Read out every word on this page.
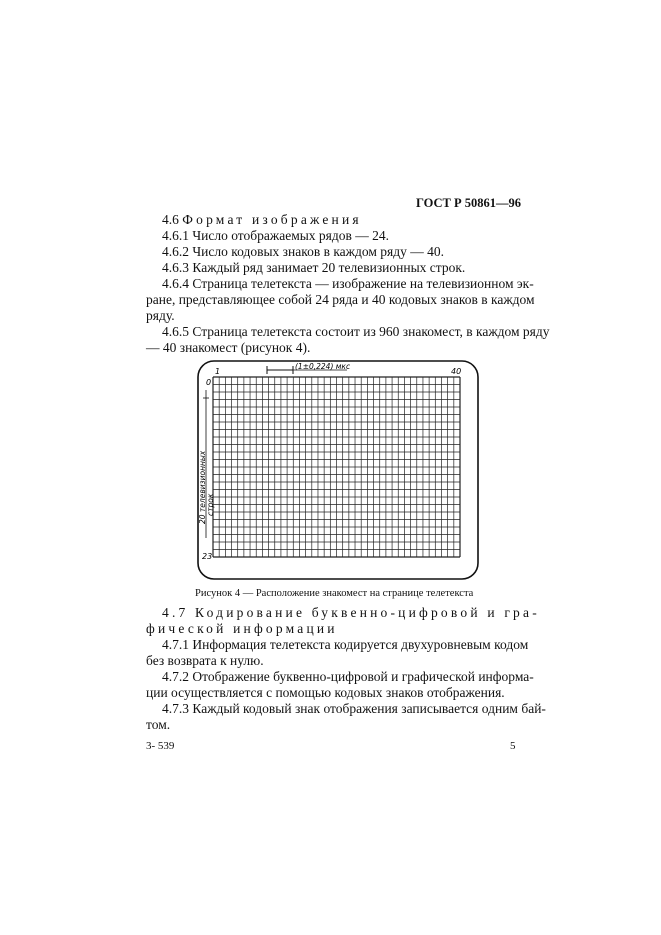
ГОСТ Р 50861—96
4.6 Формат изображения
4.6.1 Число отображаемых рядов — 24.
4.6.2 Число кодовых знаков в каждом ряду — 40.
4.6.3 Каждый ряд занимает 20 телевизионных строк.
4.6.4 Страница телетекста — изображение на телевизионном эк-
ране, представляющее собой 24 ряда и 40 кодовых знаков в каждом
ряду.
4.6.5 Страница телетекста состоит из 960 знакомест, в каждом ряду
— 40 знакомест (рисунок 4).
(1±0,224) мкс
1	40
0
23
20 телевизионных строк
Рисунок 4 — Расположение знакомест на странице телетекста
4.7 Кодирование буквенно-цифровой и гра-
фической информации
4.7.1 Информация телетекста кодируется двухуровневым кодом
без возврата к нулю.
4.7.2 Отображение буквенно-цифровой и графической информа-
ции осуществляется с помощью кодовых знаков отображения.
4.7.3 Каждый кодовый знак отображения записывается одним бай-
том.
3- 539	5
